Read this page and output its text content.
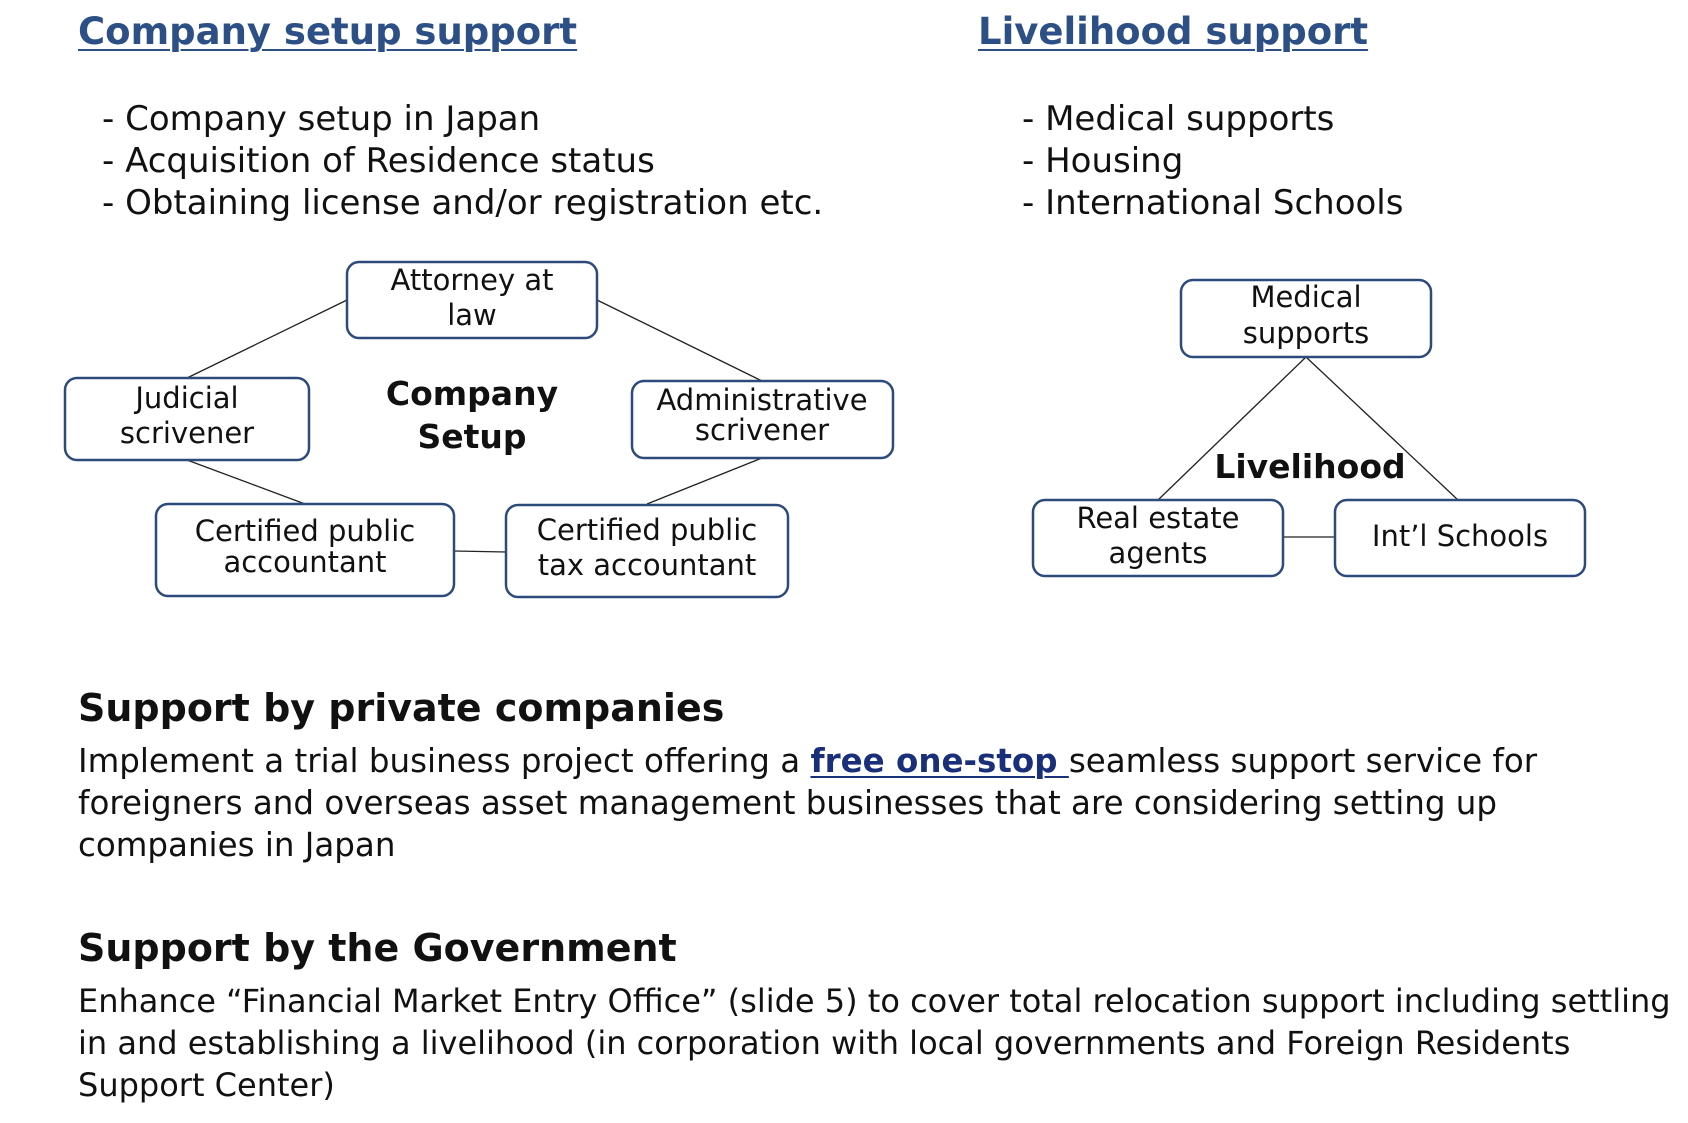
Company setup support	Livelihood support
- Company setup in Japan
- Acquisition of Residence status
- Obtaining license and/or registration etc.
- Medical supports
- Housing
- International Schools
Attorney at
law
Judicial
scrivener
Administrative
scrivener
Certified public
accountant
Certified public
tax accountant
Company
Setup
Medical
supports
Real estate
agents	Int’l Schools
Livelihood
Support by private companies
Implement a trial business project offering a free one-stop seamless support service for foreigners and overseas asset management businesses that are considering setting up companies in Japan
Support by the Government
Enhance “Financial Market Entry Office” (slide 5) to cover total relocation support including settling in and establishing a livelihood (in corporation with local governments and Foreign Residents Support Center)
